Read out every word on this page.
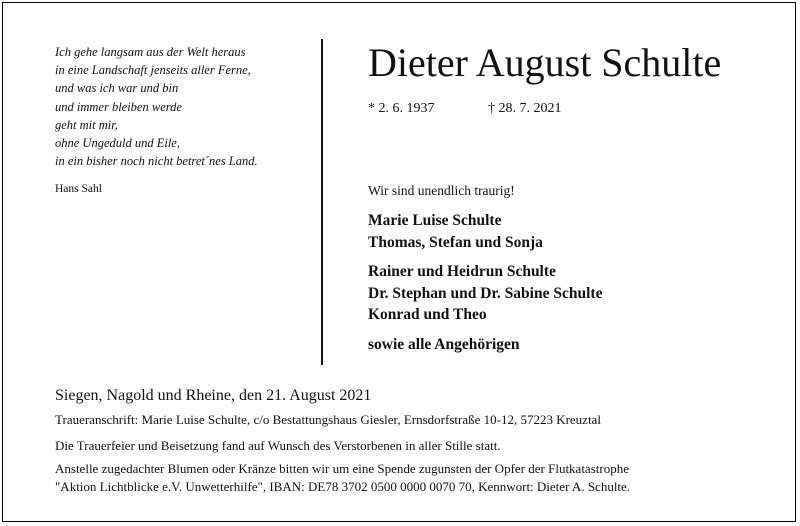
Ich gehe langsam aus der Welt heraus
in eine Landschaft jenseits aller Ferne,
und was ich war und bin
und immer bleiben werde
geht mit mir,
ohne Ungeduld und Eile,
in ein bisher noch nicht betret´nes Land.
Hans Sahl
Dieter August Schulte
* 2. 6. 1937	† 28. 7. 2021
Wir sind unendlich traurig!
Marie Luise Schulte
Thomas, Stefan und Sonja
Rainer und Heidrun Schulte
Dr. Stephan und Dr. Sabine Schulte
Konrad und Theo
sowie alle Angehörigen
Siegen, Nagold und Rheine, den 21. August 2021
Traueranschrift: Marie Luise Schulte, c/o Bestattungshaus Giesler, Ernsdorfstraße 10-12, 57223 Kreuztal
Die Trauerfeier und Beisetzung fand auf Wunsch des Verstorbenen in aller Stille statt.
Anstelle zugedachter Blumen oder Kränze bitten wir um eine Spende zugunsten der Opfer der Flutkatastrophe
"Aktion Lichtblicke e.V. Unwetterhilfe", IBAN: DE78 3702 0500 0000 0070 70, Kennwort: Dieter A. Schulte.
